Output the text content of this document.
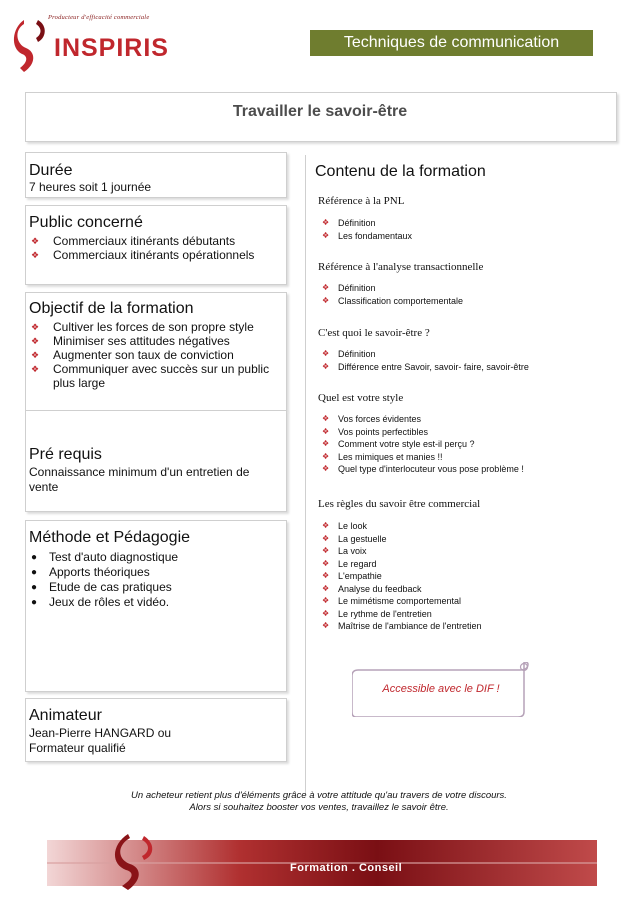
Producteur d'efficacité commerciale
INSPIRIS	Techniques de communication
Travailler le savoir-être
Durée
7 heures soit 1 journée
Public concerné
❖ Commerciaux itinérants débutants
❖ Commerciaux itinérants opérationnels
Objectif de la formation
❖ Cultiver les forces de son propre style
❖ Minimiser ses attitudes négatives
❖ Augmenter son taux de conviction
❖ Communiquer avec succès sur un public plus large
Pré requis
Connaissance minimum d'un entretien de vente
Méthode et Pédagogie
● Test d'auto diagnostique
● Apports théoriques
● Etude de cas pratiques
● Jeux de rôles et vidéo.
Animateur
Jean-Pierre HANGARD ou
Formateur qualifié
Contenu de la formation
Référence à la PNL
❖ Définition
❖ Les fondamentaux
Référence à l'analyse transactionnelle
❖ Définition
❖ Classification comportementale
C'est quoi le savoir-être ?
❖ Définition
❖ Différence entre Savoir, savoir- faire, savoir-être
Quel est votre style
❖ Vos forces évidentes
❖ Vos points perfectibles
❖ Comment votre style est-il perçu ?
❖ Les mimiques et manies !!
❖ Quel type d'interlocuteur vous pose problème !
Les règles du savoir être commercial
❖ Le look
❖ La gestuelle
❖ La voix
❖ Le regard
❖ L'empathie
❖ Analyse du feedback
❖ Le mimétisme comportemental
❖ Le rythme de l'entretien
❖ Maîtrise de l'ambiance de l'entretien
Accessible avec le DIF !
Un acheteur retient plus d'éléments grâce à votre attitude qu'au travers de votre discours.
Alors si souhaitez booster vos ventes, travaillez le savoir être.
Formation . Conseil
